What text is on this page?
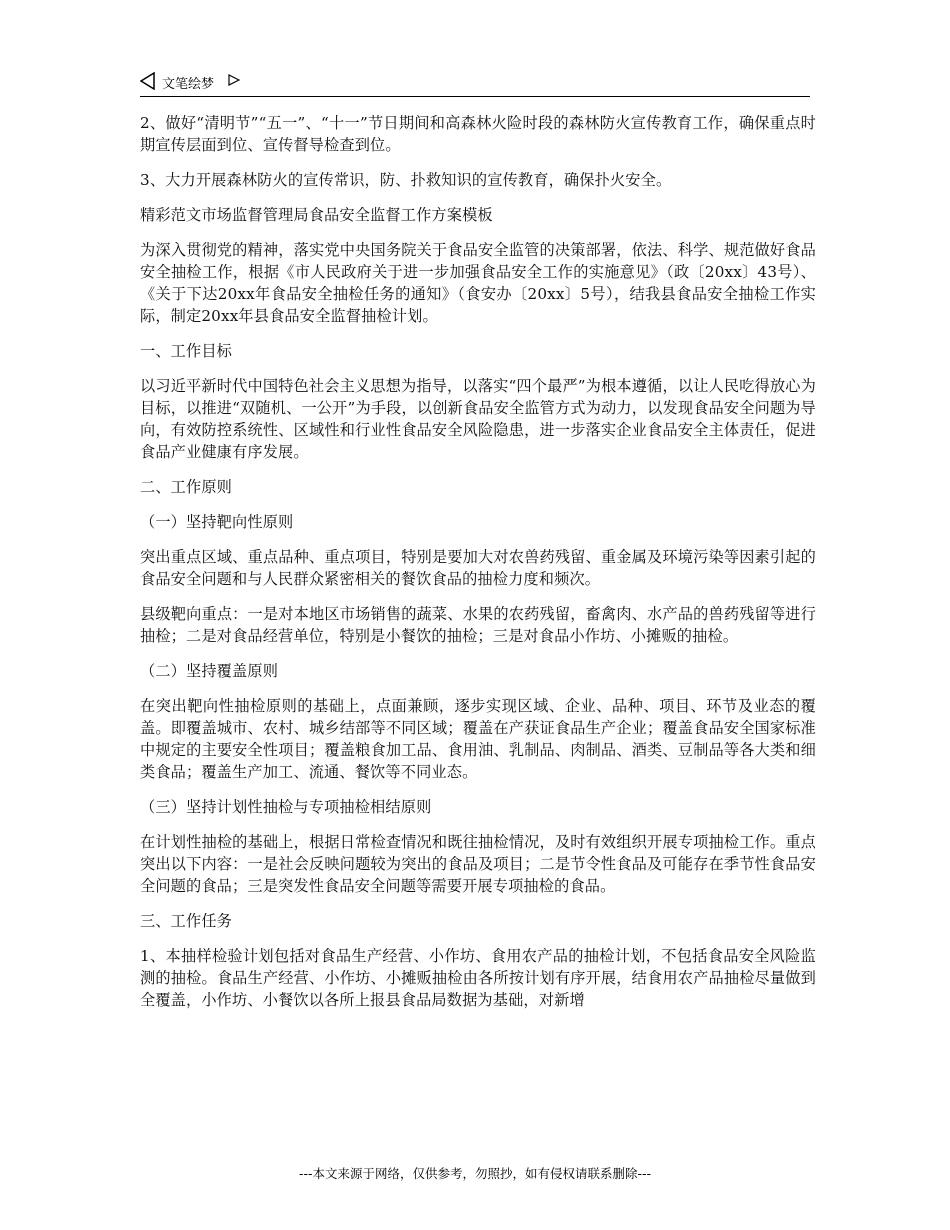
文笔绘梦

2、做好“清明节”“五一”、“十一”节日期间和高森林火险时段的森林防火宣传教育工作，确保重点时期宣传层面到位、宣传督导检查到位。

3、大力开展森林防火的宣传常识，防、扑救知识的宣传教育，确保扑火安全。

精彩范文市场监督管理局食品安全监督工作方案模板

为深入贯彻党的精神，落实党中央国务院关于食品安全监管的决策部署，依法、科学、规范做好食品安全抽检工作，根据《市人民政府关于进一步加强食品安全工作的实施意见》（政〔20xx〕43号）、《关于下达20xx年食品安全抽检任务的通知》（食安办〔20xx〕5号），结我县食品安全抽检工作实际，制定20xx年县食品安全监督抽检计划。

一、工作目标

以习近平新时代中国特色社会主义思想为指导，以落实“四个最严”为根本遵循，以让人民吃得放心为目标，以推进“双随机、一公开”为手段，以创新食品安全监管方式为动力，以发现食品安全问题为导向，有效防控系统性、区域性和行业性食品安全风险隐患，进一步落实企业食品安全主体责任，促进食品产业健康有序发展。

二、工作原则

（一）坚持靶向性原则

突出重点区域、重点品种、重点项目，特别是要加大对农兽药残留、重金属及环境污染等因素引起的食品安全问题和与人民群众紧密相关的餐饮食品的抽检力度和频次。

县级靶向重点：一是对本地区市场销售的蔬菜、水果的农药残留，畜禽肉、水产品的兽药残留等进行抽检；二是对食品经营单位，特别是小餐饮的抽检；三是对食品小作坊、小摊贩的抽检。

（二）坚持覆盖原则

在突出靶向性抽检原则的基础上，点面兼顾，逐步实现区域、企业、品种、项目、环节及业态的覆盖。即覆盖城市、农村、城乡结部等不同区域；覆盖在产获证食品生产企业；覆盖食品安全国家标准中规定的主要安全性项目；覆盖粮食加工品、食用油、乳制品、肉制品、酒类、豆制品等各大类和细类食品；覆盖生产加工、流通、餐饮等不同业态。

（三）坚持计划性抽检与专项抽检相结原则

在计划性抽检的基础上，根据日常检查情况和既往抽检情况，及时有效组织开展专项抽检工作。重点突出以下内容：一是社会反映问题较为突出的食品及项目；二是节令性食品及可能存在季节性食品安全问题的食品；三是突发性食品安全问题等需要开展专项抽检的食品。

三、工作任务

1、本抽样检验计划包括对食品生产经营、小作坊、食用农产品的抽检计划，不包括食品安全风险监测的抽检。食品生产经营、小作坊、小摊贩抽检由各所按计划有序开展，结食用农产品抽检尽量做到全覆盖，小作坊、小餐饮以各所上报县食品局数据为基础，对新增

---本文来源于网络，仅供参考，勿照抄，如有侵权请联系删除---
